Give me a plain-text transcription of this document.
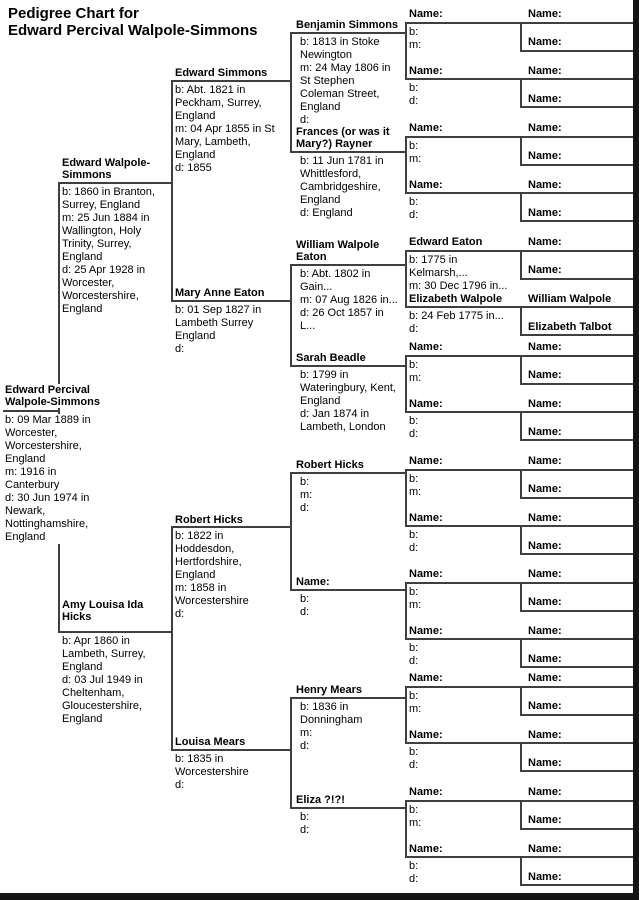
Pedigree Chart for
Edward Percival Walpole-Simmons
Edward Percival Walpole-Simmons
b: 09 Mar 1889 in Worcester, Worcestershire, England
m: 1916 in Canterbury
d: 30 Jun 1974 in Newark, Nottinghamshire, England
Edward Walpole-Simmons
b: 1860 in Branton, Surrey, England
m: 25 Jun 1884 in Wallington, Holy Trinity, Surrey, England
d: 25 Apr 1928 in Worcester, Worcestershire, England
Amy Louisa Ida Hicks
b: Apr 1860 in Lambeth, Surrey, England
d: 03 Jul 1949 in Cheltenham, Gloucestershire, England
Edward Simmons
b: Abt. 1821 in Peckham, Surrey, England
m: 04 Apr 1855 in St Mary, Lambeth, England
d: 1855
Mary Anne Eaton
b: 01 Sep 1827 in Lambeth Surrey England
d:
Robert Hicks
b: 1822 in Hoddesdon, Hertfordshire, England
m: 1858 in Worcestershire
d:
Louisa Mears
b: 1835 in Worcestershire
d:
Benjamin Simmons
b: 1813 in Stoke Newington
m: 24 May 1806 in St Stephen Coleman Street, England
d:
Frances (or was it Mary?) Rayner
b: 11 Jun 1781 in Whittlesford, Cambridgeshire, England
d: England
William Walpole Eaton
b: Abt. 1802 in Gain...
m: 07 Aug 1826 in...
d: 26 Oct 1857 in L...
Sarah Beadle
b: 1799 in Wateringbury, Kent, England
d: Jan 1874 in Lambeth, London
Robert Hicks
b:
m:
d:
Name:
b:
d:
Henry Mears
b: 1836 in Donningham
m:
d:
Eliza ?!?!
b:
d:
Name:
b:
m:
Name:
b:
d:
Name:
b:
m:
Name:
b:
d:
Edward Eaton
b: 1775 in Kelmarsh,...
m: 30 Dec 1796 in...
Elizabeth Walpole
b: 24 Feb 1775 in...
d:
Name:
b:
m:
Name:
b:
d:
Name:
b:
m:
Name:
b:
d:
Name:
b:
m:
Name:
b:
d:
Name:
b:
m:
Name:
b:
d:
Name:
b:
m:
Name:
b:
d:
Name:
Name:
Name:
Name:
Name:
Name:
Name:
Name:
Name:
Name:
William Walpole
Elizabeth Talbot
Name:
Name:
Name:
Name:
Name:
Name:
Name:
Name:
Name:
Name:
Name:
Name:
Name:
Name:
Name:
Name:
Name:
Name:
Name:
Name:
